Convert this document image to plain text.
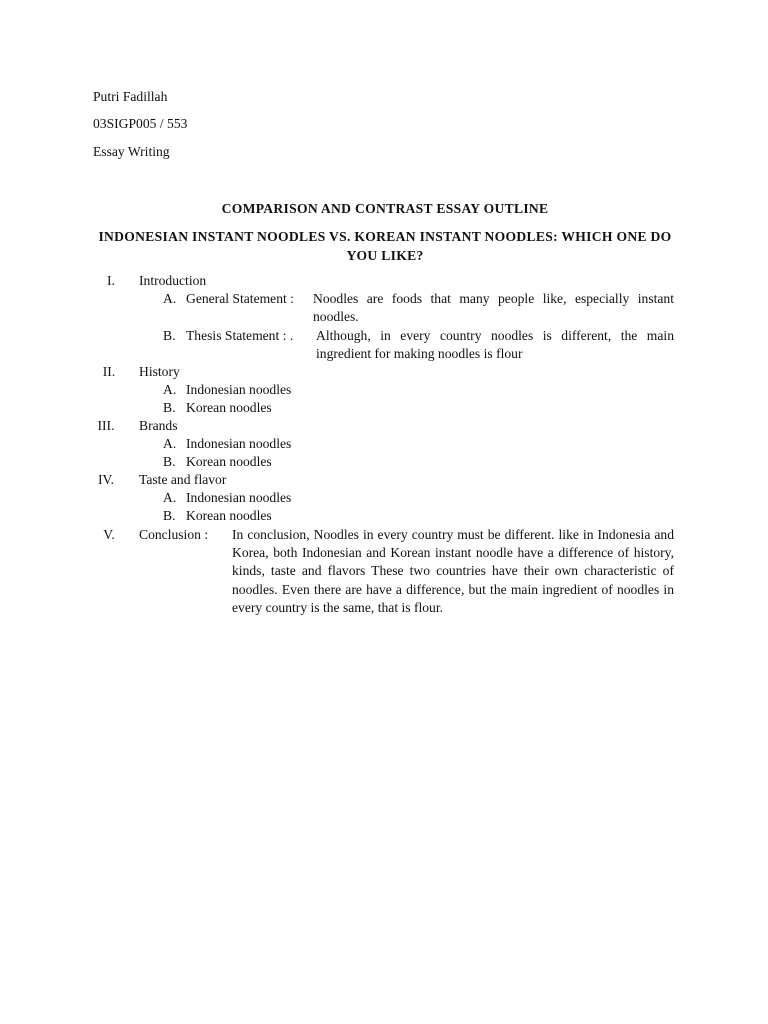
Putri Fadillah
03SIGP005 / 553
Essay Writing
COMPARISON AND CONTRAST ESSAY OUTLINE
INDONESIAN INSTANT NOODLES VS. KOREAN INSTANT NOODLES: WHICH ONE DO YOU LIKE?
I.	Introduction
A. General Statement : Noodles are foods that many people like, especially instant noodles.
B. Thesis Statement : . Although, in every country noodles is different, the main ingredient for making noodles is flour
II.	History
A. Indonesian noodles
B. Korean noodles
III. Brands
A. Indonesian noodles
B. Korean noodles
IV. Taste and flavor
A. Indonesian noodles
B. Korean noodles
V.	Conclusion : In conclusion, Noodles in every country must be different. like in Indonesia and Korea, both Indonesian and Korean instant noodle have a difference of history, kinds, taste and flavors These two countries have their own characteristic of noodles. Even there are have a difference, but the main ingredient of noodles in every country is the same, that is flour.
